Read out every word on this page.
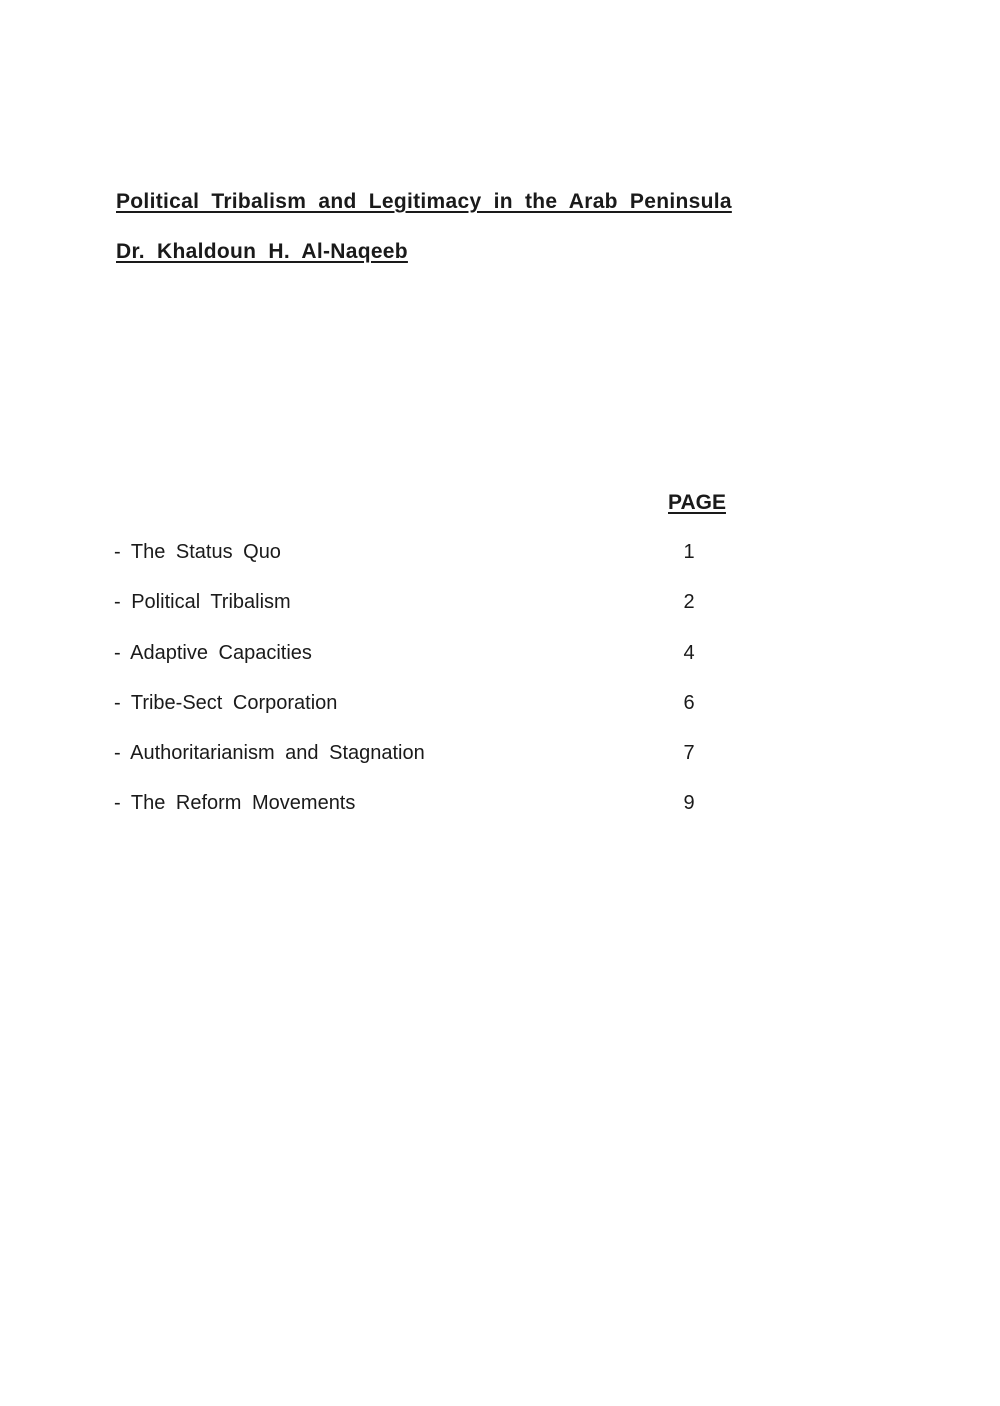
Political Tribalism and Legitimacy in the Arab Peninsula
Dr. Khaldoun H. Al-Naqeeb
PAGE
- The Status Quo	1
- Political Tribalism	2
- Adaptive Capacities	4
- Tribe-Sect Corporation	6
- Authoritarianism and Stagnation	7
- The Reform Movements	9
